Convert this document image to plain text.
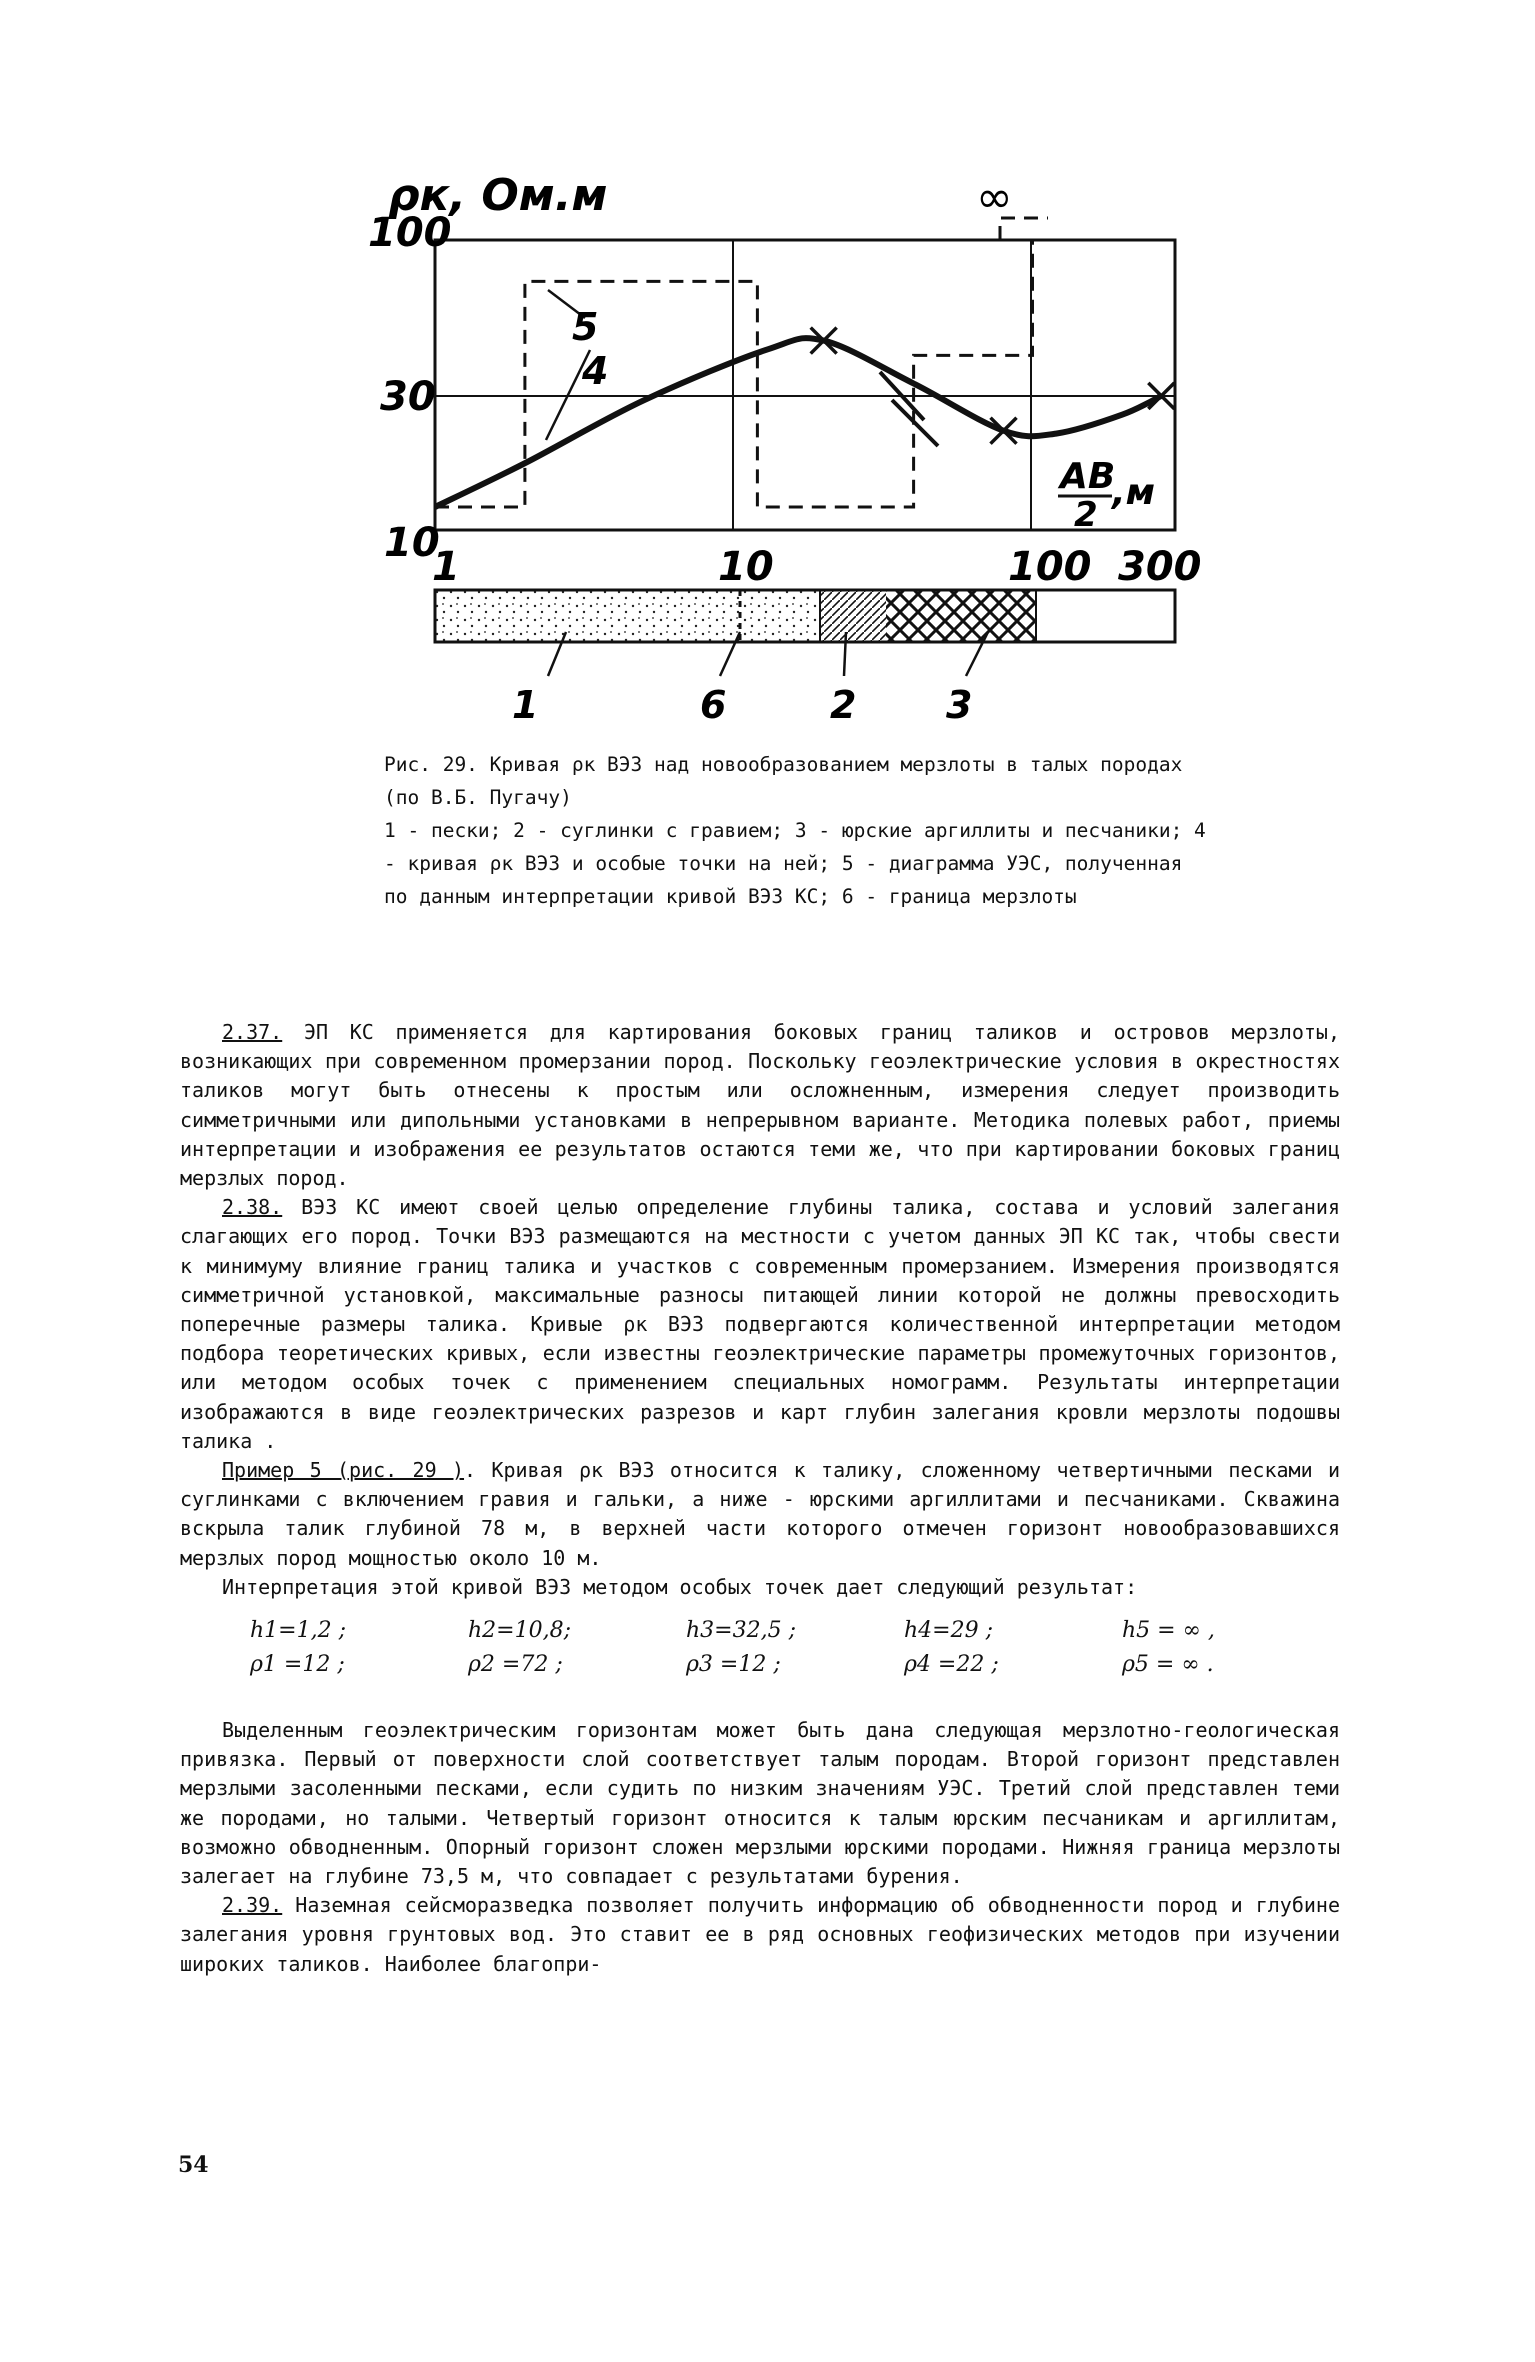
ρк, Ом.м
100
30
10
1	10	100 300
AB
2
,м
∞
5
4
1	6	2 3

Рис. 29. Кривая ρк ВЭЗ над новообразованием мерзлоты в талых породах (по В.Б. Пугачу)

1 - пески; 2 - суглинки с гравием; 3 - юрские аргиллиты и песчаники; 4 - кривая ρк ВЭЗ и особые точки на ней; 5 - диаграмма УЭС, полученная по данным интерпретации кривой ВЭЗ КС; 6 - граница мерзлоты

2.37. ЭП КС применяется для картирования боковых границ таликов и островов мерзлоты, возникающих при современном промерзании пород. Поскольку геоэлектрические условия в окрестностях таликов могут быть отнесены к простым или осложненным, измерения следует производить симметричными или дипольными установками в непрерывном варианте. Методика полевых работ, приемы интерпретации и изображения ее результатов остаются теми же, что при картировании боковых границ мерзлых пород.

2.38. ВЭЗ КС имеют своей целью определение глубины талика, состава и условий залегания слагающих его пород. Точки ВЭЗ размещаются на местности с учетом данных ЭП КС так, чтобы свести к минимуму влияние границ талика и участков с современным промерзанием. Измерения производятся симметричной установкой, максимальные разносы питающей линии которой не должны превосходить поперечные размеры талика. Кривые ρк ВЭЗ подвергаются количественной интерпретации методом подбора теоретических кривых, если известны геоэлектрические параметры промежуточных горизонтов, или методом особых точек с применением специальных номограмм. Результаты интерпретации изображаются в виде геоэлектрических разрезов и карт глубин залегания кровли мерзлоты подошвы талика .

Пример 5 (рис. 29 ). Кривая ρк ВЭЗ относится к талику, сложенному четвертичными песками и суглинками с включением гравия и гальки, а ниже - юрскими аргиллитами и песчаниками. Скважина вскрыла талик глубиной 78 м, в верхней части которого отмечен горизонт новообразовавшихся мерзлых пород мощностью около 10 м.

Интерпретация этой кривой ВЭЗ методом особых точек дает следующий результат:

h1=1,2 ;	h2=10,8;	h3=32,5 ;	h4=29 ;	h5 = ∞ ,
ρ1 =12 ;	ρ2 =72 ;	ρ3 =12 ;	ρ4 =22 ;	ρ5 = ∞ .

Выделенным геоэлектрическим горизонтам может быть дана следующая мерзлотно-геологическая привязка. Первый от поверхности слой соответствует талым породам. Второй горизонт представлен мерзлыми засоленными песками, если судить по низким значениям УЭС. Третий слой представлен теми же породами, но талыми. Четвертый горизонт относится к талым юрским песчаникам и аргиллитам, возможно обводненным. Опорный горизонт сложен мерзлыми юрскими породами. Нижняя граница мерзлоты залегает на глубине 73,5 м, что совпадает с результатами бурения.

2.39. Наземная сейсморазведка позволяет получить информацию об обводненности пород и глубине залегания уровня грунтовых вод. Это ставит ее в ряд основных геофизических методов при изучении широких таликов. Наиболее благопри-

54
